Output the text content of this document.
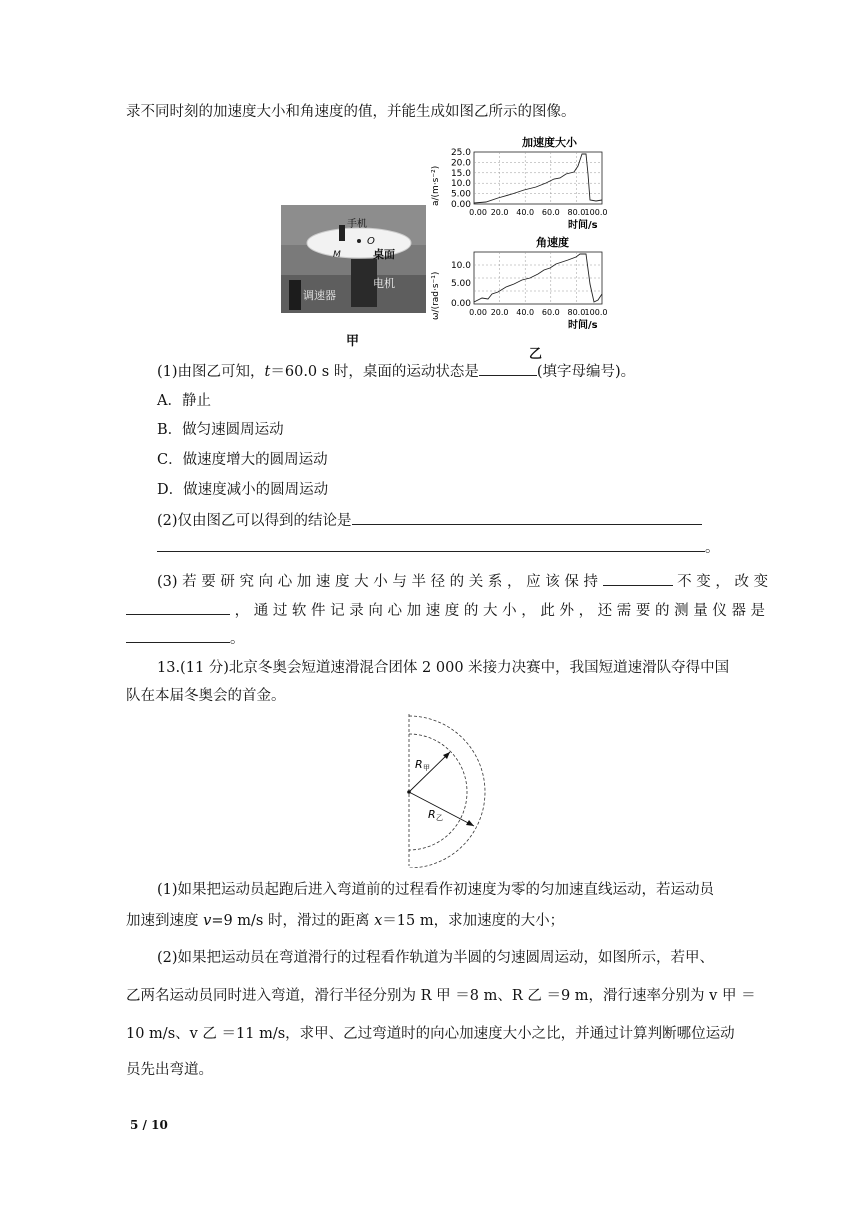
录不同时刻的加速度大小和角速度的值，并能生成如图乙所示的图像。
手机
O
M	桌面
电机
调速器
甲
乙
加速度大小
a/(m·s⁻²)
25.0
20.0
15.0
10.0
5.00
0.00
0.00 20.0 40.0 60.0 80.0 100.0
时间/s
角速度
ω/(rad·s⁻¹)
10.0
5.00
0.00
0.00 20.0 40.0 60.0 80.0 100.0
时间/s
(1)由图乙可知，t＝60.0 s 时，桌面的运动状态是	(填字母编号)。
A．静止
B．做匀速圆周运动
C．做速度增大的圆周运动
D．做速度减小的圆周运动
(2)仅由图乙可以得到的结论是
。
(3) 若 要 研 究 向 心 加 速 度 大 小 与 半 径 的 关 系 ， 应 该 保 持	不 变 ， 改 变
， 通 过 软 件 记 录 向 心 加 速 度 的 大 小 ， 此 外 ， 还 需 要 的 测 量 仪 器 是
。
13.(11 分)北京冬奥会短道速滑混合团体 2 000 米接力决赛中，我国短道速滑队夺得中国
队在本届冬奥会的首金。
R 甲
R 乙
(1)如果把运动员起跑后进入弯道前的过程看作初速度为零的匀加速直线运动，若运动员
加速到速度 v=9 m/s 时，滑过的距离 x＝15 m，求加速度的大小；
(2)如果把运动员在弯道滑行的过程看作轨道为半圆的匀速圆周运动，如图所示，若甲、
乙两名运动员同时进入弯道，滑行半径分别为 R 甲 ＝8 m、R 乙 ＝9 m，滑行速率分别为 v 甲 ＝
10 m/s、v 乙 ＝11 m/s，求甲、乙过弯道时的向心加速度大小之比，并通过计算判断哪位运动
员先出弯道。
5 / 10
